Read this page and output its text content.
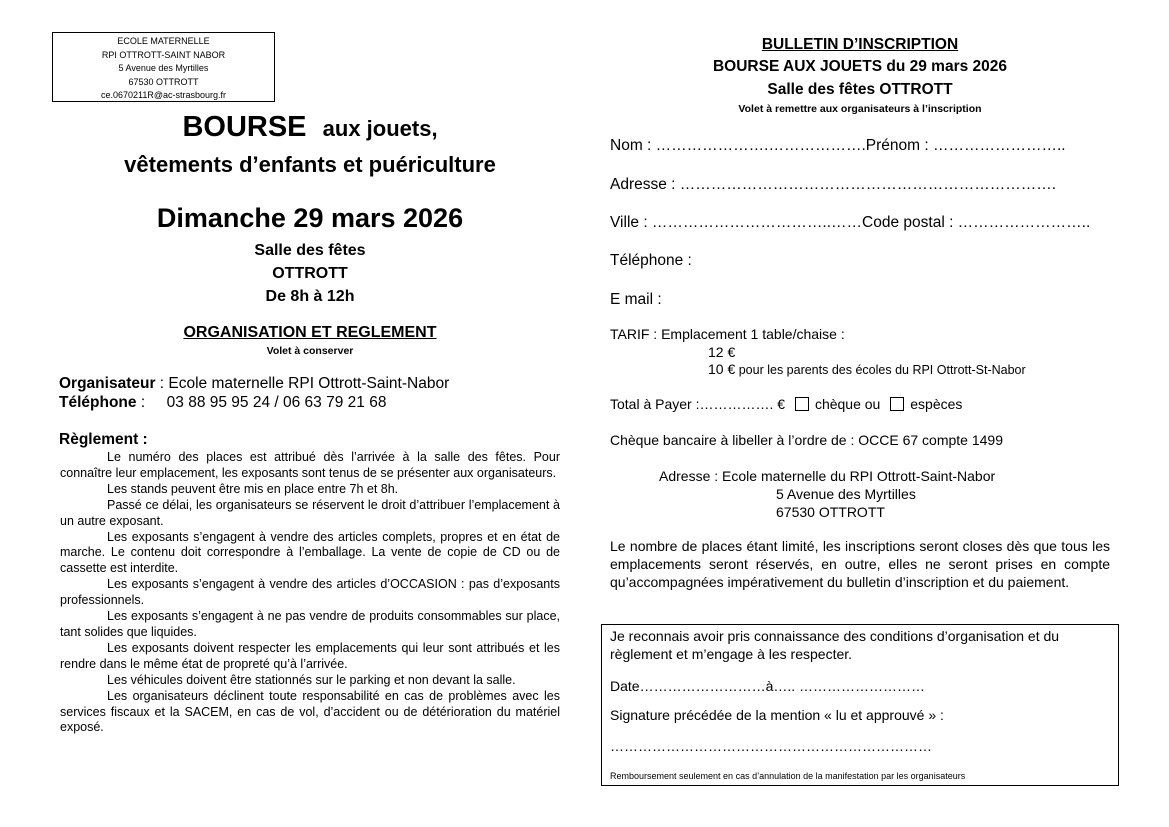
ECOLE MATERNELLE
RPI OTTROTT-SAINT NABOR
5 Avenue des Myrtilles
67530 OTTROTT
ce.0670211R@ac-strasbourg.fr
BOURSE aux jouets,
vêtements d’enfants et puériculture
Dimanche 29 mars 2026
Salle des fêtes
OTTROTT
De 8h à 12h
ORGANISATION ET REGLEMENT
Volet à conserver
Organisateur : Ecole maternelle RPI Ottrott-Saint-Nabor
Téléphone :     03 88 95 95 24 / 06 63 79 21 68
Règlement :

Le numéro des places est attribué dès l’arrivée à la salle des fêtes. Pour connaître leur emplacement, les exposants sont tenus de se présenter aux organisateurs.

Les stands peuvent être mis en place entre 7h et 8h.

Passé ce délai, les organisateurs se réservent le droit d’attribuer l’emplacement à un autre exposant.

Les exposants s’engagent à vendre des articles complets, propres et en état de marche. Le contenu doit correspondre à l’emballage. La vente de copie de CD ou de cassette est interdite.

Les exposants s’engagent à vendre des articles d’OCCASION : pas d’exposants professionnels.

Les exposants s’engagent à ne pas vendre de produits consommables sur place, tant solides que liquides.

Les exposants doivent respecter les emplacements qui leur sont attribués et les rendre dans le même état de propreté qu’à l’arrivée.

Les véhicules doivent être stationnés sur le parking et non devant la salle.

Les organisateurs déclinent toute responsabilité en cas de problèmes avec les services fiscaux et la SACEM, en cas de vol, d’accident ou de détérioration du matériel exposé.

BULLETIN D’INSCRIPTION
BOURSE AUX JOUETS du 29 mars 2026
Salle des fêtes OTTROTT
Volet à remettre aux organisateurs à l’inscription
Nom : ………………….……………….Prénom : ……………………..
Adresse : ……………………………………………………………….
Ville : ……………………………..……Code postal : ……………………..
Téléphone :
E mail :
TARIF : Emplacement 1 table/chaise :
12 €
10 € pour les parents des écoles du RPI Ottrott-St-Nabor
Total à Payer :……………. € chèque ou espèces
Chèque bancaire à libeller à l’ordre de : OCCE 67 compte 1499
Adresse : Ecole maternelle du RPI Ottrott-Saint-Nabor
5 Avenue des Myrtilles
67530 OTTROTT
Le nombre de places étant limité, les inscriptions seront closes dès que tous les emplacements seront réservés, en outre, elles ne seront prises en compte qu’accompagnées impérativement du bulletin d’inscription et du paiement.
Je reconnais avoir pris connaissance des conditions d’organisation et du règlement et m’engage à les respecter.
Date………………………à….. ………………………
Signature précédée de la mention « lu et approuvé » :
……………………………………………………………
Remboursement seulement en cas d’annulation de la manifestation par les organisateurs
